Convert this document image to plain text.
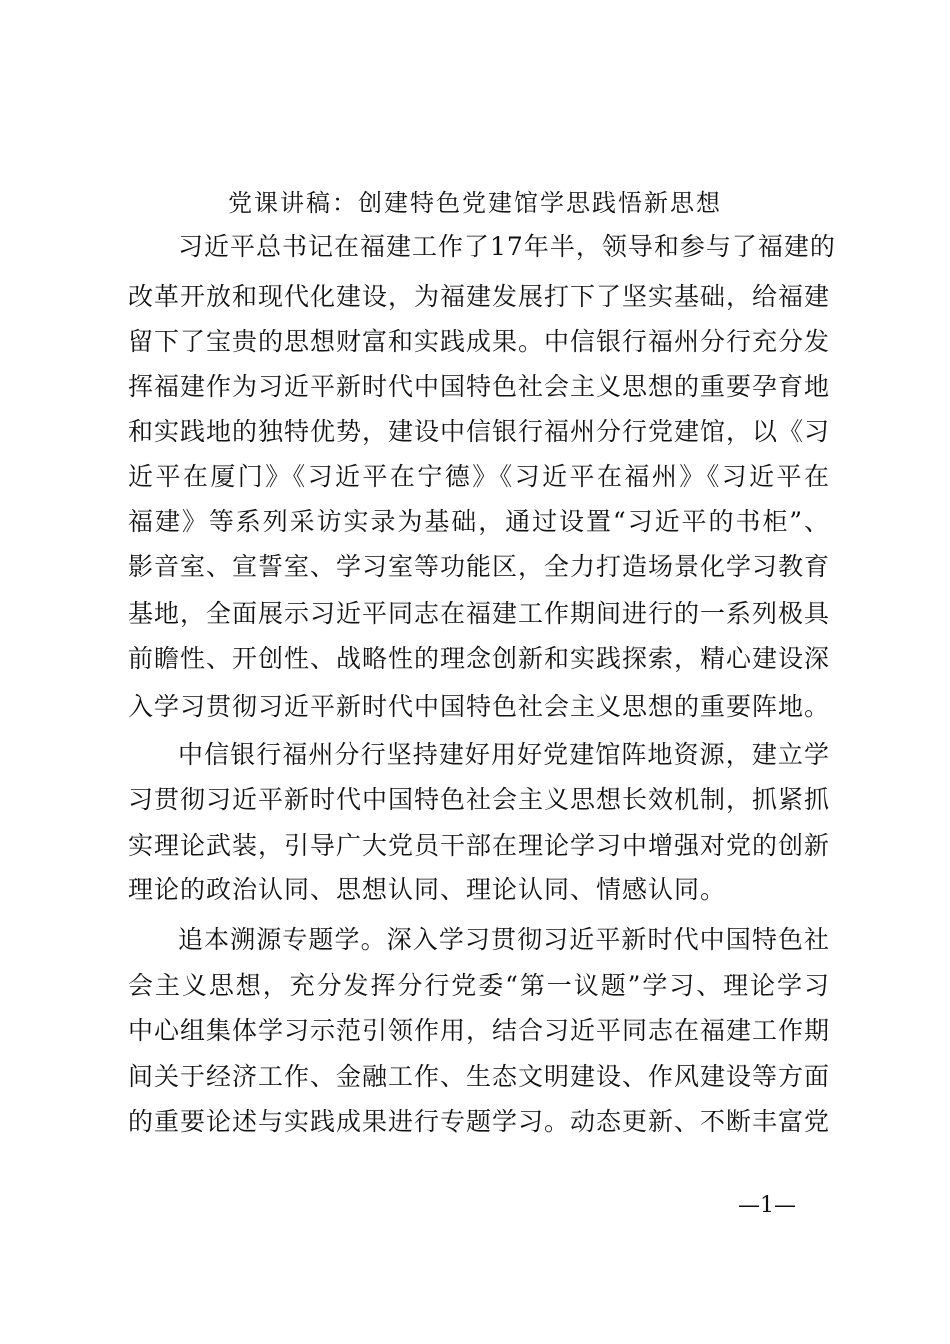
党课讲稿：创建特色党建馆学思践悟新思想
习近平总书记在福建工作了17年半，领导和参与了福建的
改革开放和现代化建设，为福建发展打下了坚实基础，给福建
留下了宝贵的思想财富和实践成果。中信银行福州分行充分发
挥福建作为习近平新时代中国特色社会主义思想的重要孕育地
和实践地的独特优势，建设中信银行福州分行党建馆，以《习
近平在厦门》《习近平在宁德》《习近平在福州》《习近平在
福建》等系列采访实录为基础，通过设置“习近平的书柜”、
影音室、宣誓室、学习室等功能区，全力打造场景化学习教育
基地，全面展示习近平同志在福建工作期间进行的一系列极具
前瞻性、开创性、战略性的理念创新和实践探索，精心建设深
入学习贯彻习近平新时代中国特色社会主义思想的重要阵地。
中信银行福州分行坚持建好用好党建馆阵地资源，建立学
习贯彻习近平新时代中国特色社会主义思想长效机制，抓紧抓
实理论武装，引导广大党员干部在理论学习中增强对党的创新
理论的政治认同、思想认同、理论认同、情感认同。
追本溯源专题学。深入学习贯彻习近平新时代中国特色社
会主义思想，充分发挥分行党委“第一议题”学习、理论学习
中心组集体学习示范引领作用，结合习近平同志在福建工作期
间关于经济工作、金融工作、生态文明建设、作风建设等方面
的重要论述与实践成果进行专题学习。动态更新、不断丰富党
—1—
